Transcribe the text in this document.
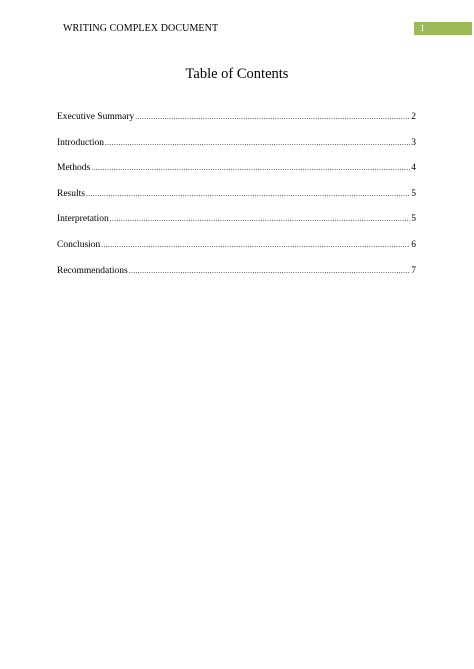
WRITING COMPLEX DOCUMENT	1
Table of Contents
Executive Summary .....	2
Introduction .....	3
Methods .....	4
Results .....	5
Interpretation .....	5
Conclusion .....	6
Recommendations .....	7
